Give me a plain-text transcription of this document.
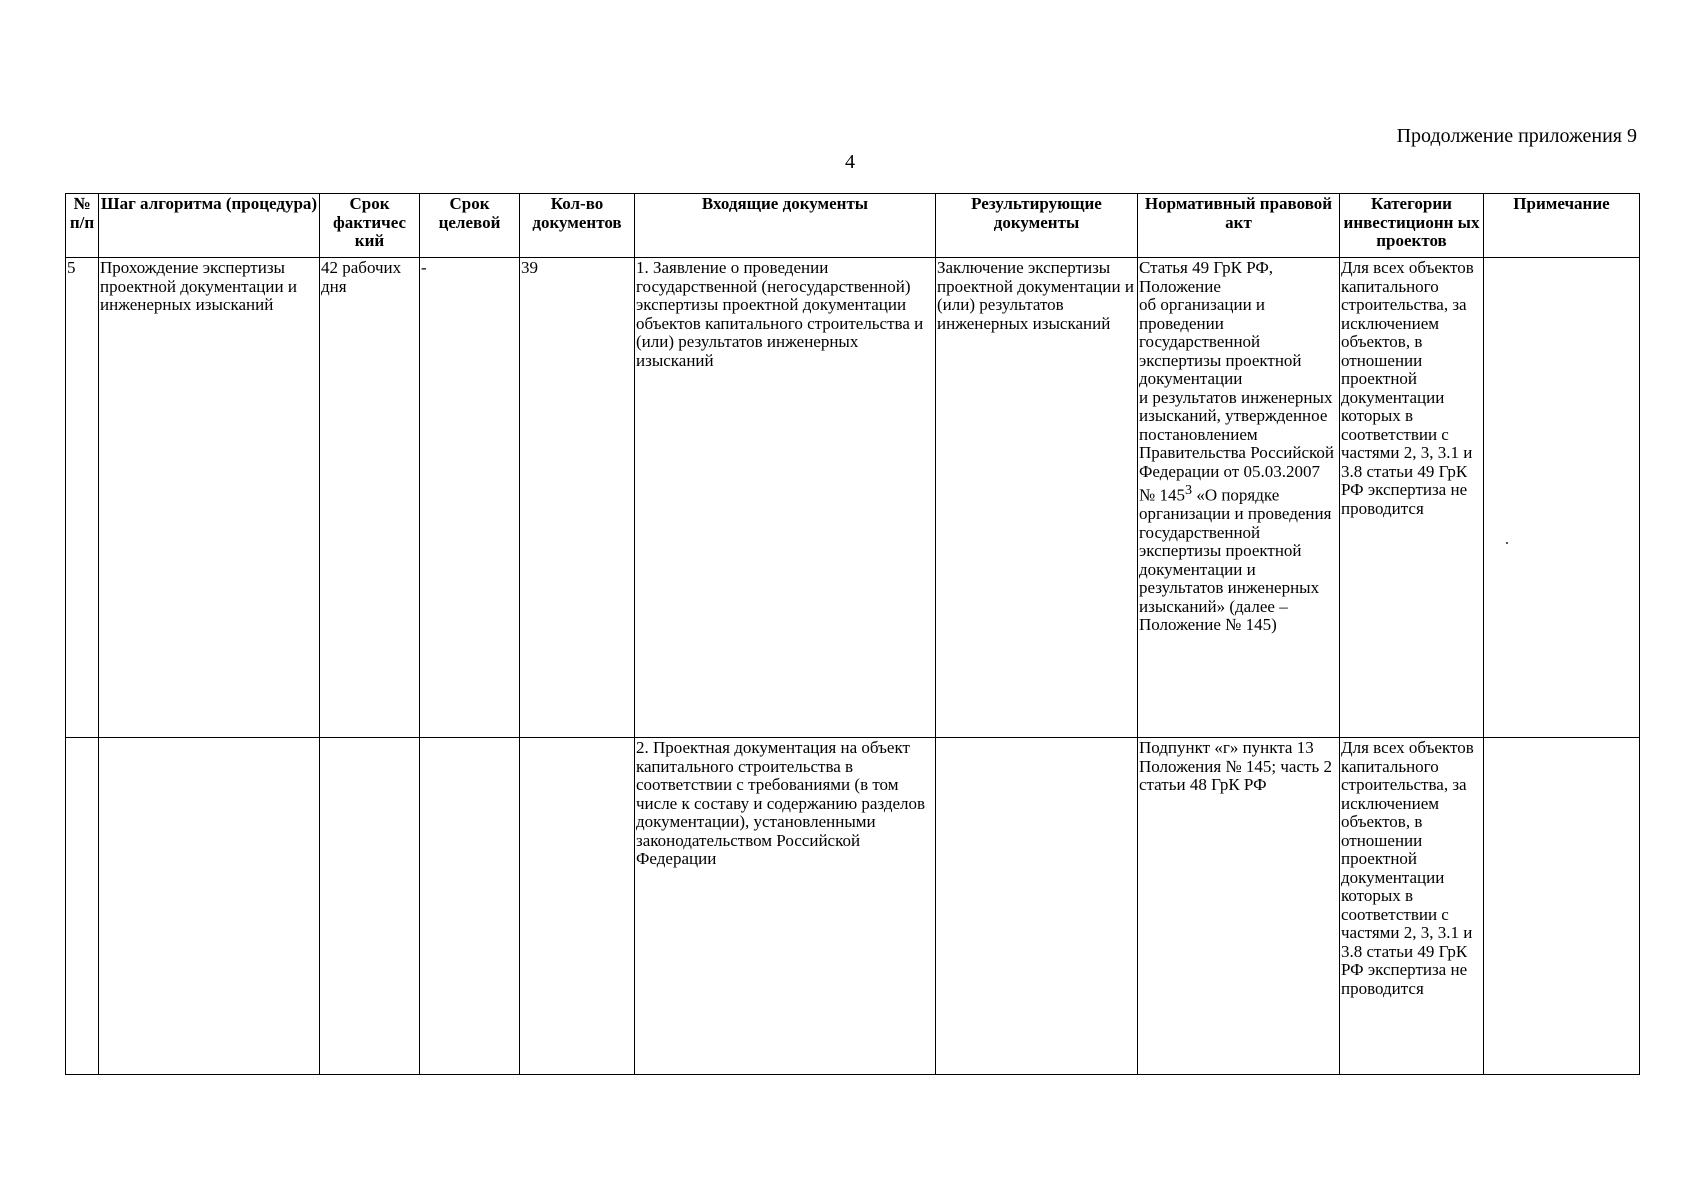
Продолжение приложения 9
4
№ п/п	Шаг алгоритма (процедура)	Срок фактичес кий	Срок целевой	Кол-во документов	Входящие документы	Результирующие документы	Нормативный правовой акт	Категории инвестиционн ых проектов	Примечание
5	Прохождение экспертизы проектной документации и инженерных изысканий	42 рабочих дня	-	39	1. Заявление о проведении государственной (негосударственной) экспертизы проектной документации объектов капитального строительства и (или) результатов инженерных изысканий	Заключение экспертизы проектной документации и (или) результатов инженерных изысканий	Статья 49 ГрК РФ,
Положение
об организации и проведении государственной экспертизы проектной документации
и результатов инженерных изысканий, утвержденное постановлением Правительства Российской Федерации от 05.03.2007 № $145^3$ «О порядке организации и проведения государственной экспертизы проектной документации и результатов инженерных изысканий» (далее – Положение № 145)	Для всех объектов капитального строительства, за исключением объектов, в отношении проектной документации которых в соответствии с частями 2, 3, 3.1 и 3.8 статьи 49 ГрК РФ экспертиза не проводится	
					2. Проектная документация на объект капитального строительства в соответствии с требованиями (в том числе к составу и содержанию разделов документации), установленными законодательством Российской Федерации		Подпункт «г» пункта 13 Положения № 145; часть 2 статьи 48 ГрК РФ	Для всех объектов капитального строительства, за исключением объектов, в отношении проектной документации которых в соответствии с частями 2, 3, 3.1 и 3.8 статьи 49 ГрК РФ экспертиза не проводится	
